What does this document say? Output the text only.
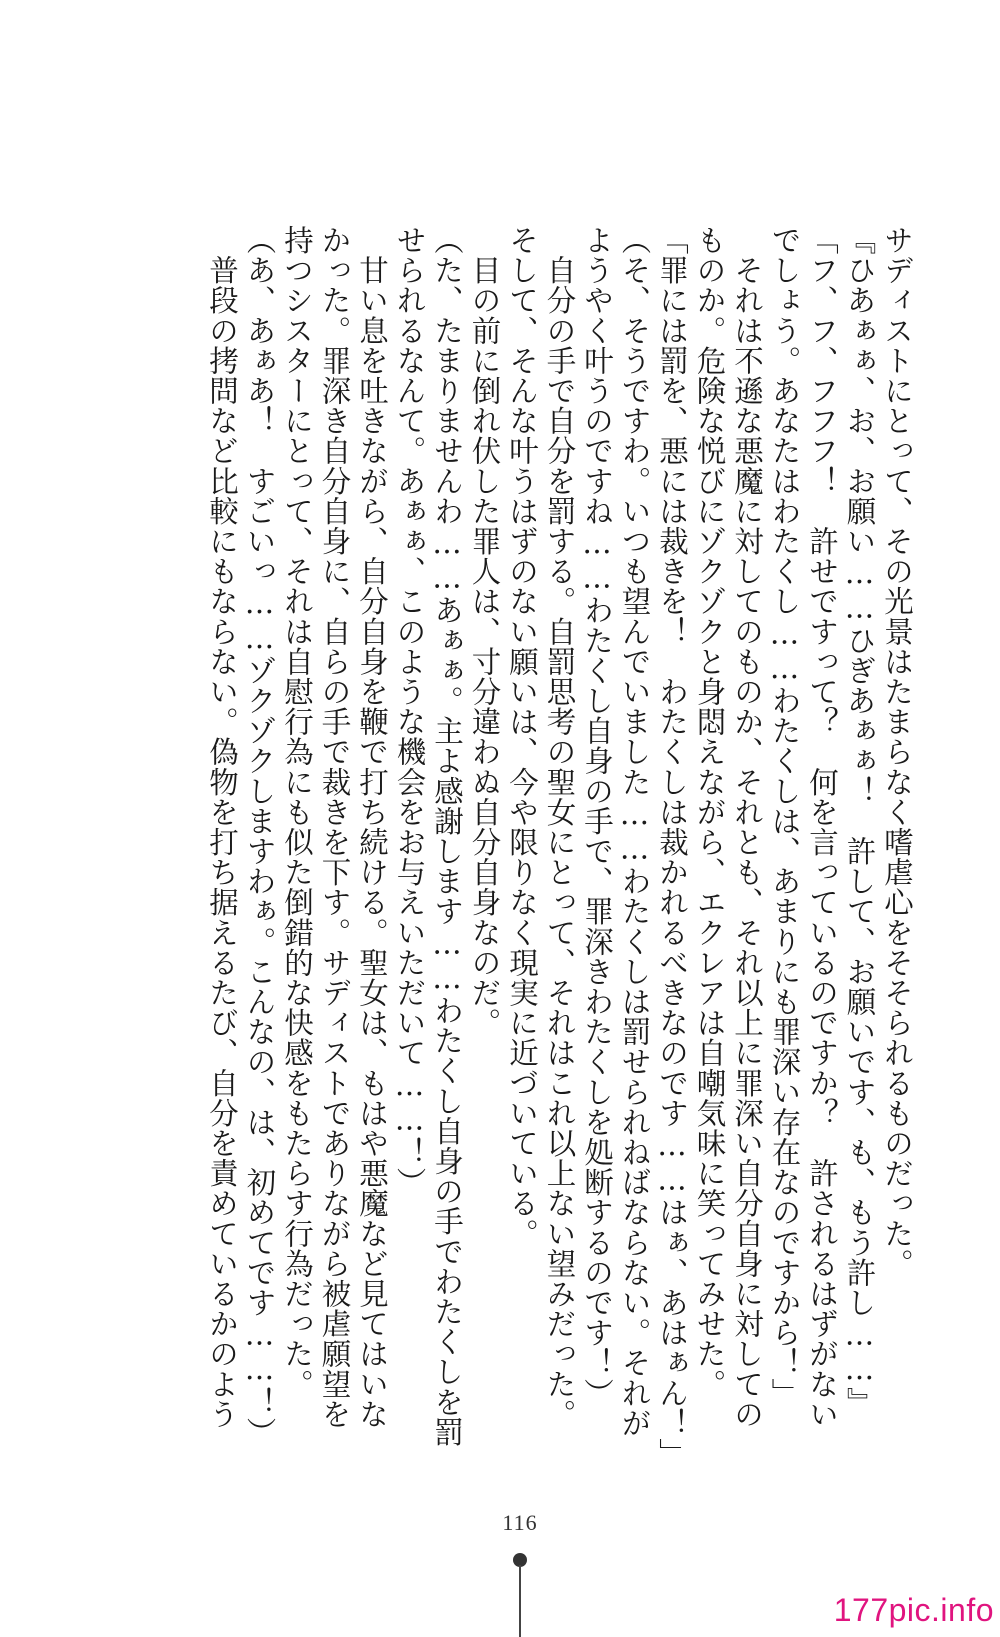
サディストにとって、その光景はたまらなく嗜虐心をそそられるものだった。
『ひあぁぁ、お、お願い……ひぎあぁぁ！　許して、お願いです、も、もう許し……』
「フ、フ、フフフ！　許せですって？　何を言っているのですか？　許されるはずがない
でしょう。あなたはわたくし……わたくしは、あまりにも罪深い存在なのですから！」
　それは不遜な悪魔に対してのものか、それとも、それ以上に罪深い自分自身に対しての
ものか。危険な悦びにゾクゾクと身悶えながら、エクレアは自嘲気味に笑ってみせた。
「罪には罰を、悪には裁きを！　わたくしは裁かれるべきなのです……はぁ、あはぁん！」
（そ、そうですわ。いつも望んでいました……わたくしは罰せられねばならない。それが
ようやく叶うのですね……わたくし自身の手で、罪深きわたくしを処断するのです！）
　自分の手で自分を罰する。自罰思考の聖女にとって、それはこれ以上ない望みだった。
そして、そんな叶うはずのない願いは、今や限りなく現実に近づいている。
　目の前に倒れ伏した罪人は、寸分違わぬ自分自身なのだ。
（た、たまりませんわ……あぁぁ。主よ感謝します……わたくし自身の手でわたくしを罰
せられるなんて。あぁぁ、このような機会をお与えいただいて……！）
　甘い息を吐きながら、自分自身を鞭で打ち続ける。聖女は、もはや悪魔など見てはいな
かった。罪深き自分自身に、自らの手で裁きを下す。サディストでありながら被虐願望を
持つシスターにとって、それは自慰行為にも似た倒錯的な快感をもたらす行為だった。
（あ、あぁあ！　すごいっ……ゾクゾクしますわぁ。こんなの、は、初めてです……！）
　普段の拷問など比較にもならない。偽物を打ち据えるたび、自分を責めているかのよう
116
177pic.info
